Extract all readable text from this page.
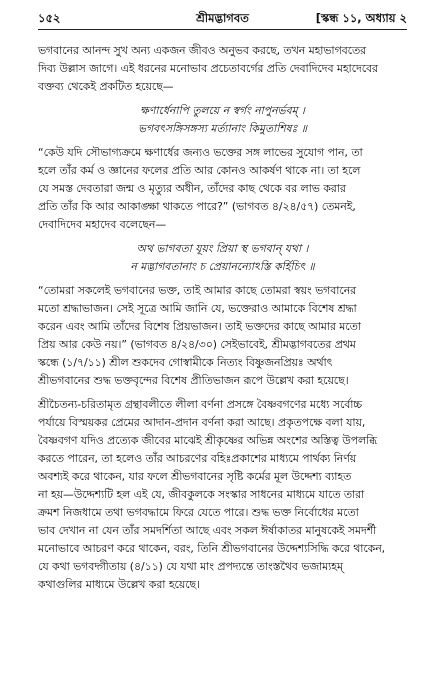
১৫২	শ্রীমদ্ভাগবত	[স্কন্ধ ১১, অধ্যায় ২

ভগবানের আনন্দ সুখ অন্য একজন জীবও অনুভব করছে, তখন মহাভাগবতের

দিব্য উল্লাস জাগে। এই ধরনের মনোভাব প্রচেতাবর্গের প্রতি দেবাদিদেব মহাদেবের

বক্তব্য থেকেই প্রকটিত হয়েছে—

ক্ষণার্ধেনাপি তুলয়ে ন স্বর্গং নাপুনর্ভবম্ ।
ভগবৎসঙ্গিসঙ্গস্য মর্ত্যানাং কিমুতাশিষঃ ॥

“কেউ যদি সৌভাগ্যক্রমে ক্ষণার্ধের জন্যও ভক্তের সঙ্গ লাভের সুযোগ পান, তা

হলে তাঁর কর্ম ও জ্ঞানের ফলের প্রতি আর কোনও আকর্ষণ থাকে না। তা হলে

যে সমস্ত দেবতারা জন্ম ও মৃত্যুর অধীন, তাঁদের কাছ থেকে বর লাভ করার

প্রতি তাঁর কি আর আকাঙ্ক্ষা থাকতে পারে?” (ভাগবত ৪/২৪/৫৭) তেমনই,

দেবাদিদেব মহাদেব বলেছেন—

অথ ভাগবতা যূয়ং প্রিয়া স্থ ভগবান্ যথা ।
ন মদ্ভাগবতানাং চ প্রেয়ানন্যোঽস্তি কর্হিচিৎ ॥

“তোমরা সকলেই ভগবানের ভক্ত, তাই আমার কাছে তোমরা স্বয়ং ভগবানের

মতো শ্রদ্ধাভাজন। সেই সূত্রে আমি জানি যে, ভক্তেরাও আমাকে বিশেষ শ্রদ্ধা

করেন এবং আমি তাঁদের বিশেষ প্রিয়ভাজন। তাই ভক্তদের কাছে আমার মতো

প্রিয় আর কেউ নয়।” (ভাগবত ৪/২৪/৩০) সেইভাবেই, শ্রীমদ্ভাগবতের প্রথম

স্কন্ধে (১/৭/১১) শ্রীল শুকদেব গোস্বামীকে নিত্যং বিষ্ণুজনপ্রিয়ঃ অর্থাৎ

শ্রীভগবানের শুদ্ধ ভক্তবৃন্দের বিশেষ প্রীতিভাজন রূপে উল্লেখ করা হয়েছে।

শ্রীচৈতন্য-চরিতামৃত গ্রন্থাবলীতে লীলা বর্ণনা প্রসঙ্গে বৈষ্ণবগণের মধ্যে সর্বোচ্চ

পর্যায়ে বিস্ময়কর প্রেমের আদান-প্রদান বর্ণনা করা আছে। প্রকৃতপক্ষে বলা যায়,

বৈষ্ণবগণ যদিও প্রত্যেক জীবের মাঝেই শ্রীকৃষ্ণের অভিন্ন অংশের অস্তিত্ব উপলব্ধি

করতে পারেন, তা হলেও তাঁর আচরণের বহিঃপ্রকাশের মাধ্যমে পার্থক্য নির্ণয়

অবশ্যই করে থাকেন, যার ফলে শ্রীভগবানের সৃষ্টি কর্মের মূল উদ্দেশ্য ব্যাহত

না হয়—উদ্দেশ্যটি হল এই যে, জীবকুলকে সংস্কার সাধনের মাধ্যমে যাতে তারা

ক্রমশ নিজধামে তথা ভগবদ্ধামে ফিরে যেতে পারে। শুদ্ধ ভক্ত নির্বোধের মতো

ভাব দেখান না যেন তাঁর সমদর্শিতা আছে এবং সকল ঈর্ষাকাতর মানুষকেই সমদর্শী

মনোভাবে আচরণ করে থাকেন, বরং, তিনি শ্রীভগবানের উদ্দেশ্যসিদ্ধি করে থাকেন,

যে কথা ভগবদ্গীতায় (৪/১১) যে যথা মাং প্রপদ্যন্তে তাংস্তথৈব ভজাম্যহম্

কথাগুলির মাধ্যমে উল্লেখ করা হয়েছে।
